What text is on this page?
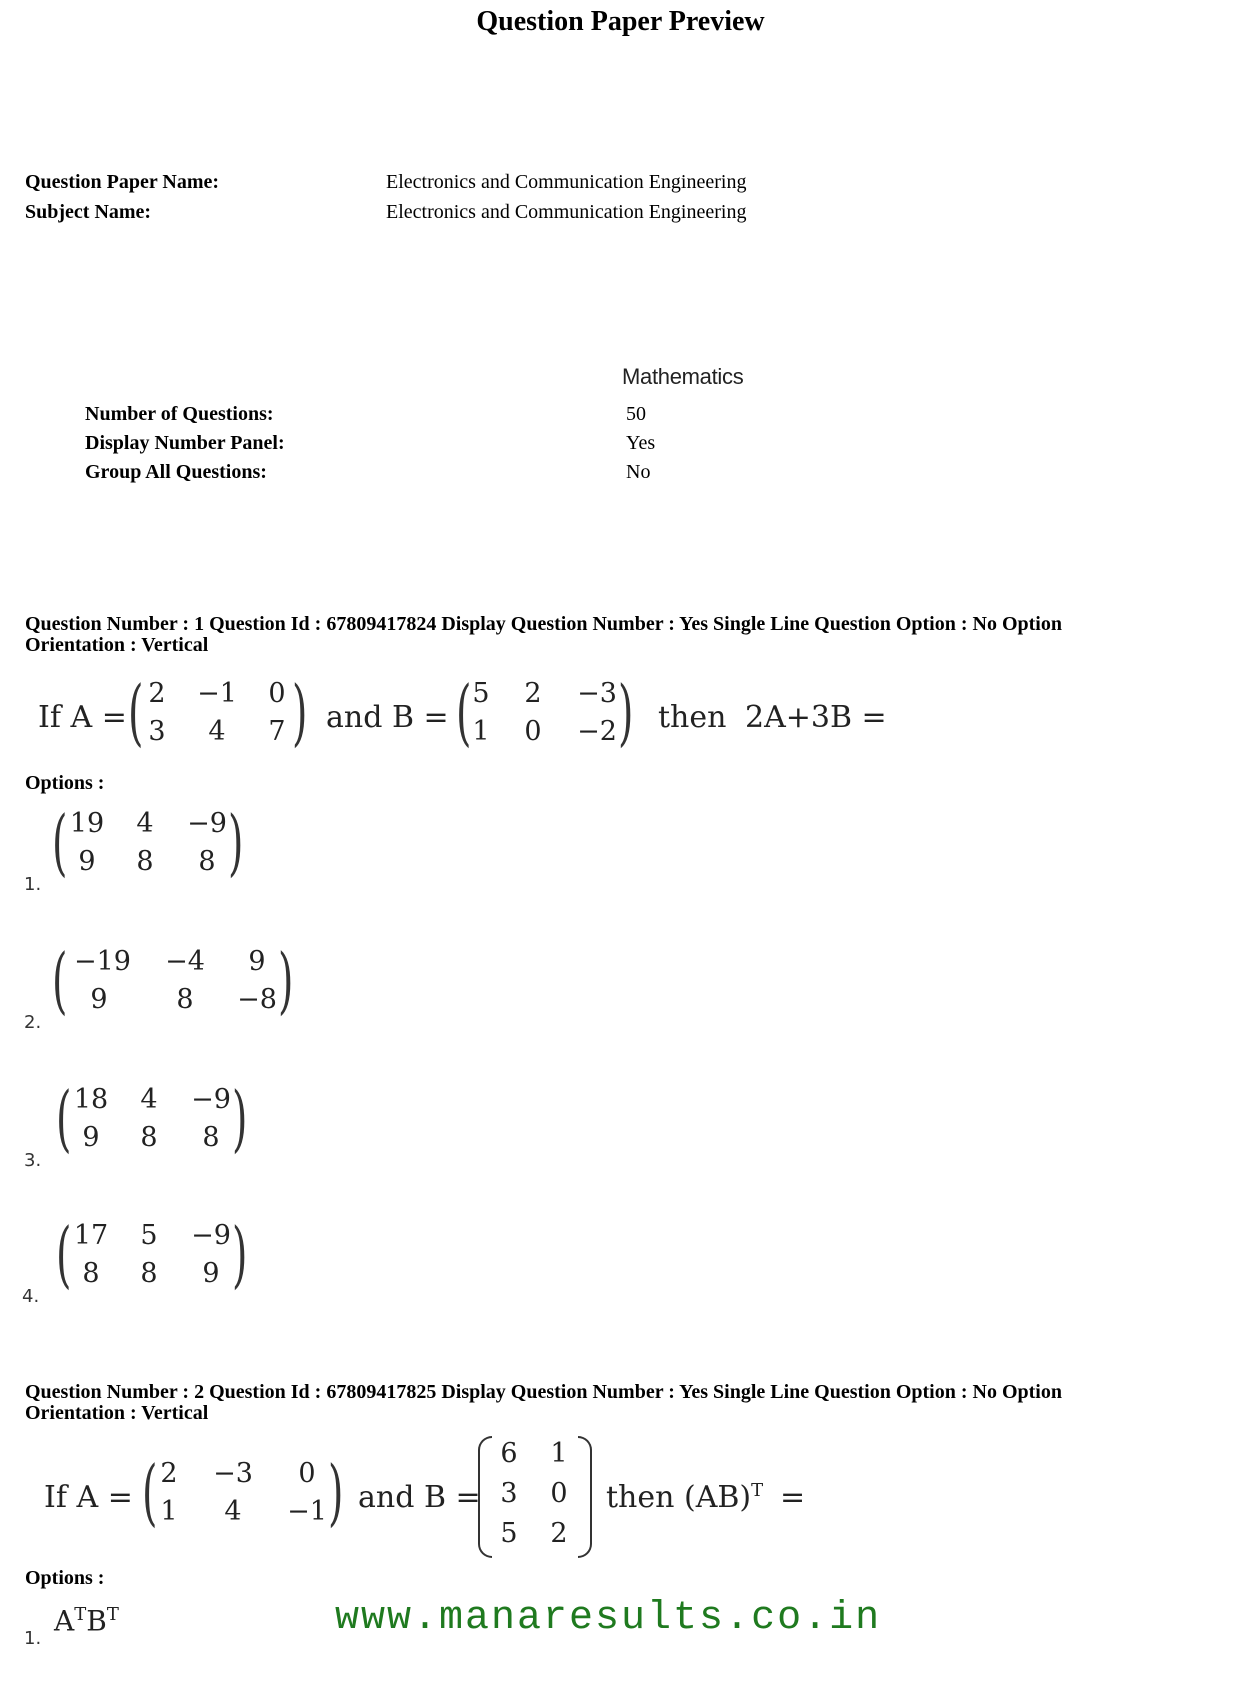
Question Paper Preview
Question Paper Name:	Electronics and Communication Engineering
Subject Name:	Electronics and Communication Engineering
Mathematics
Number of Questions:	50
Display Number Panel:	Yes
Group All Questions:	No
Question Number : 1 Question Id : 67809417824 Display Question Number : Yes Single Line Question Option : No Option
Orientation : Vertical
If A = ( 2	−1	0
3	4	7 ) and B = ( 5	2	−3
1	0	−2 ) then 2A+3B =
Options :
1.
( 19	4	−9
9	8	8 )
2.
( −19 −4	9
9	8	−8 )
3.
( 18	4	−9
9	8	8 )
4.
( 17	5	−9
8	8	9 )
Question Number : 2 Question Id : 67809417825 Display Question Number : Yes Single Line Question Option : No Option
Orientation : Vertical
If A = ( 2	−3	0
1	4	−1 ) and B =
6	1
3	0
5	2
then (AB)$^T$ =
Options :
1.
$A^TB^T$	www.manaresults.co.in
